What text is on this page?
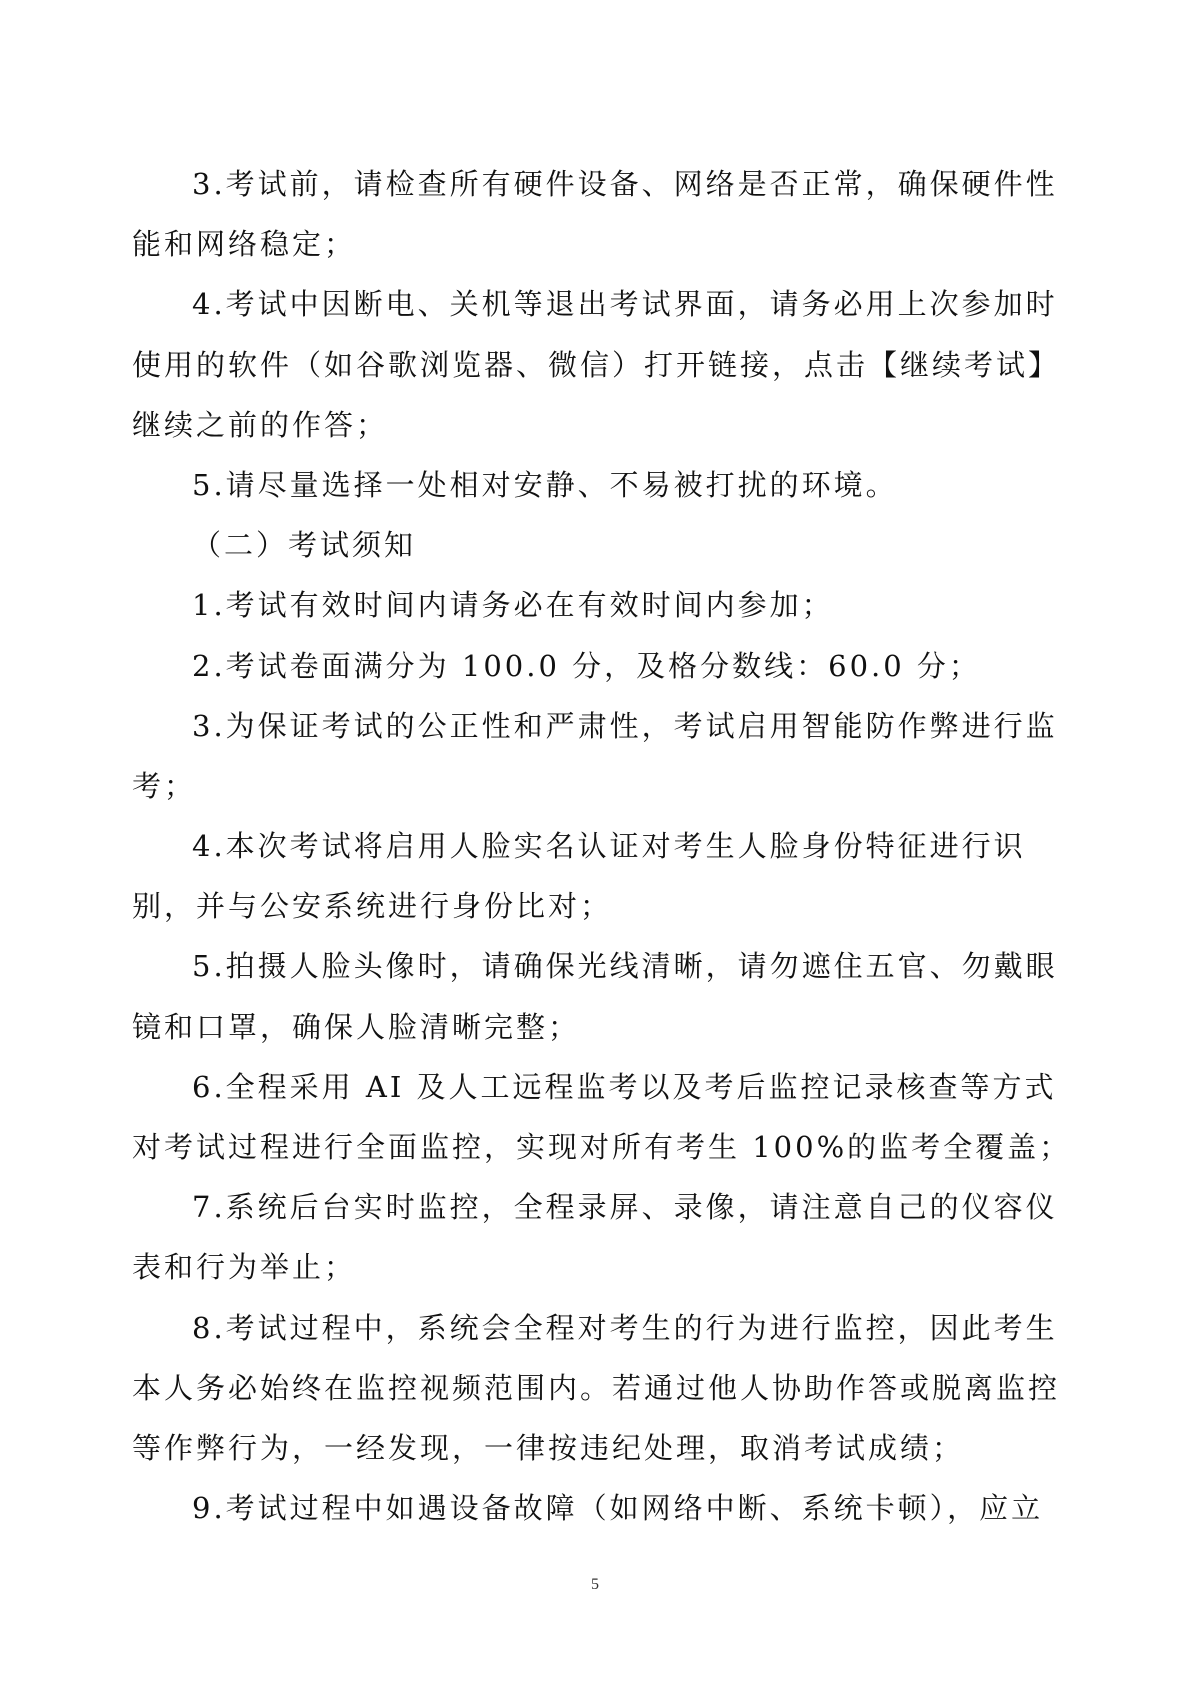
3.考试前，请检查所有硬件设备、网络是否正常，确保硬件性
能和网络稳定；
4.考试中因断电、关机等退出考试界面，请务必用上次参加时
使用的软件（如谷歌浏览器、微信）打开链接，点击【继续考试】
继续之前的作答；
5.请尽量选择一处相对安静、不易被打扰的环境。
（二）考试须知
1.考试有效时间内请务必在有效时间内参加；
2.考试卷面满分为 100.0 分，及格分数线：60.0 分；
3.为保证考试的公正性和严肃性，考试启用智能防作弊进行监
考；
4.本次考试将启用人脸实名认证对考生人脸身份特征进行识
别，并与公安系统进行身份比对；
5.拍摄人脸头像时，请确保光线清晰，请勿遮住五官、勿戴眼
镜和口罩，确保人脸清晰完整；
6.全程采用 AI 及人工远程监考以及考后监控记录核查等方式
对考试过程进行全面监控，实现对所有考生 100%的监考全覆盖；
7.系统后台实时监控，全程录屏、录像，请注意自己的仪容仪
表和行为举止；
8.考试过程中，系统会全程对考生的行为进行监控，因此考生
本人务必始终在监控视频范围内。若通过他人协助作答或脱离监控
等作弊行为，一经发现，一律按违纪处理，取消考试成绩；
9.考试过程中如遇设备故障（如网络中断、系统卡顿），应立
5
